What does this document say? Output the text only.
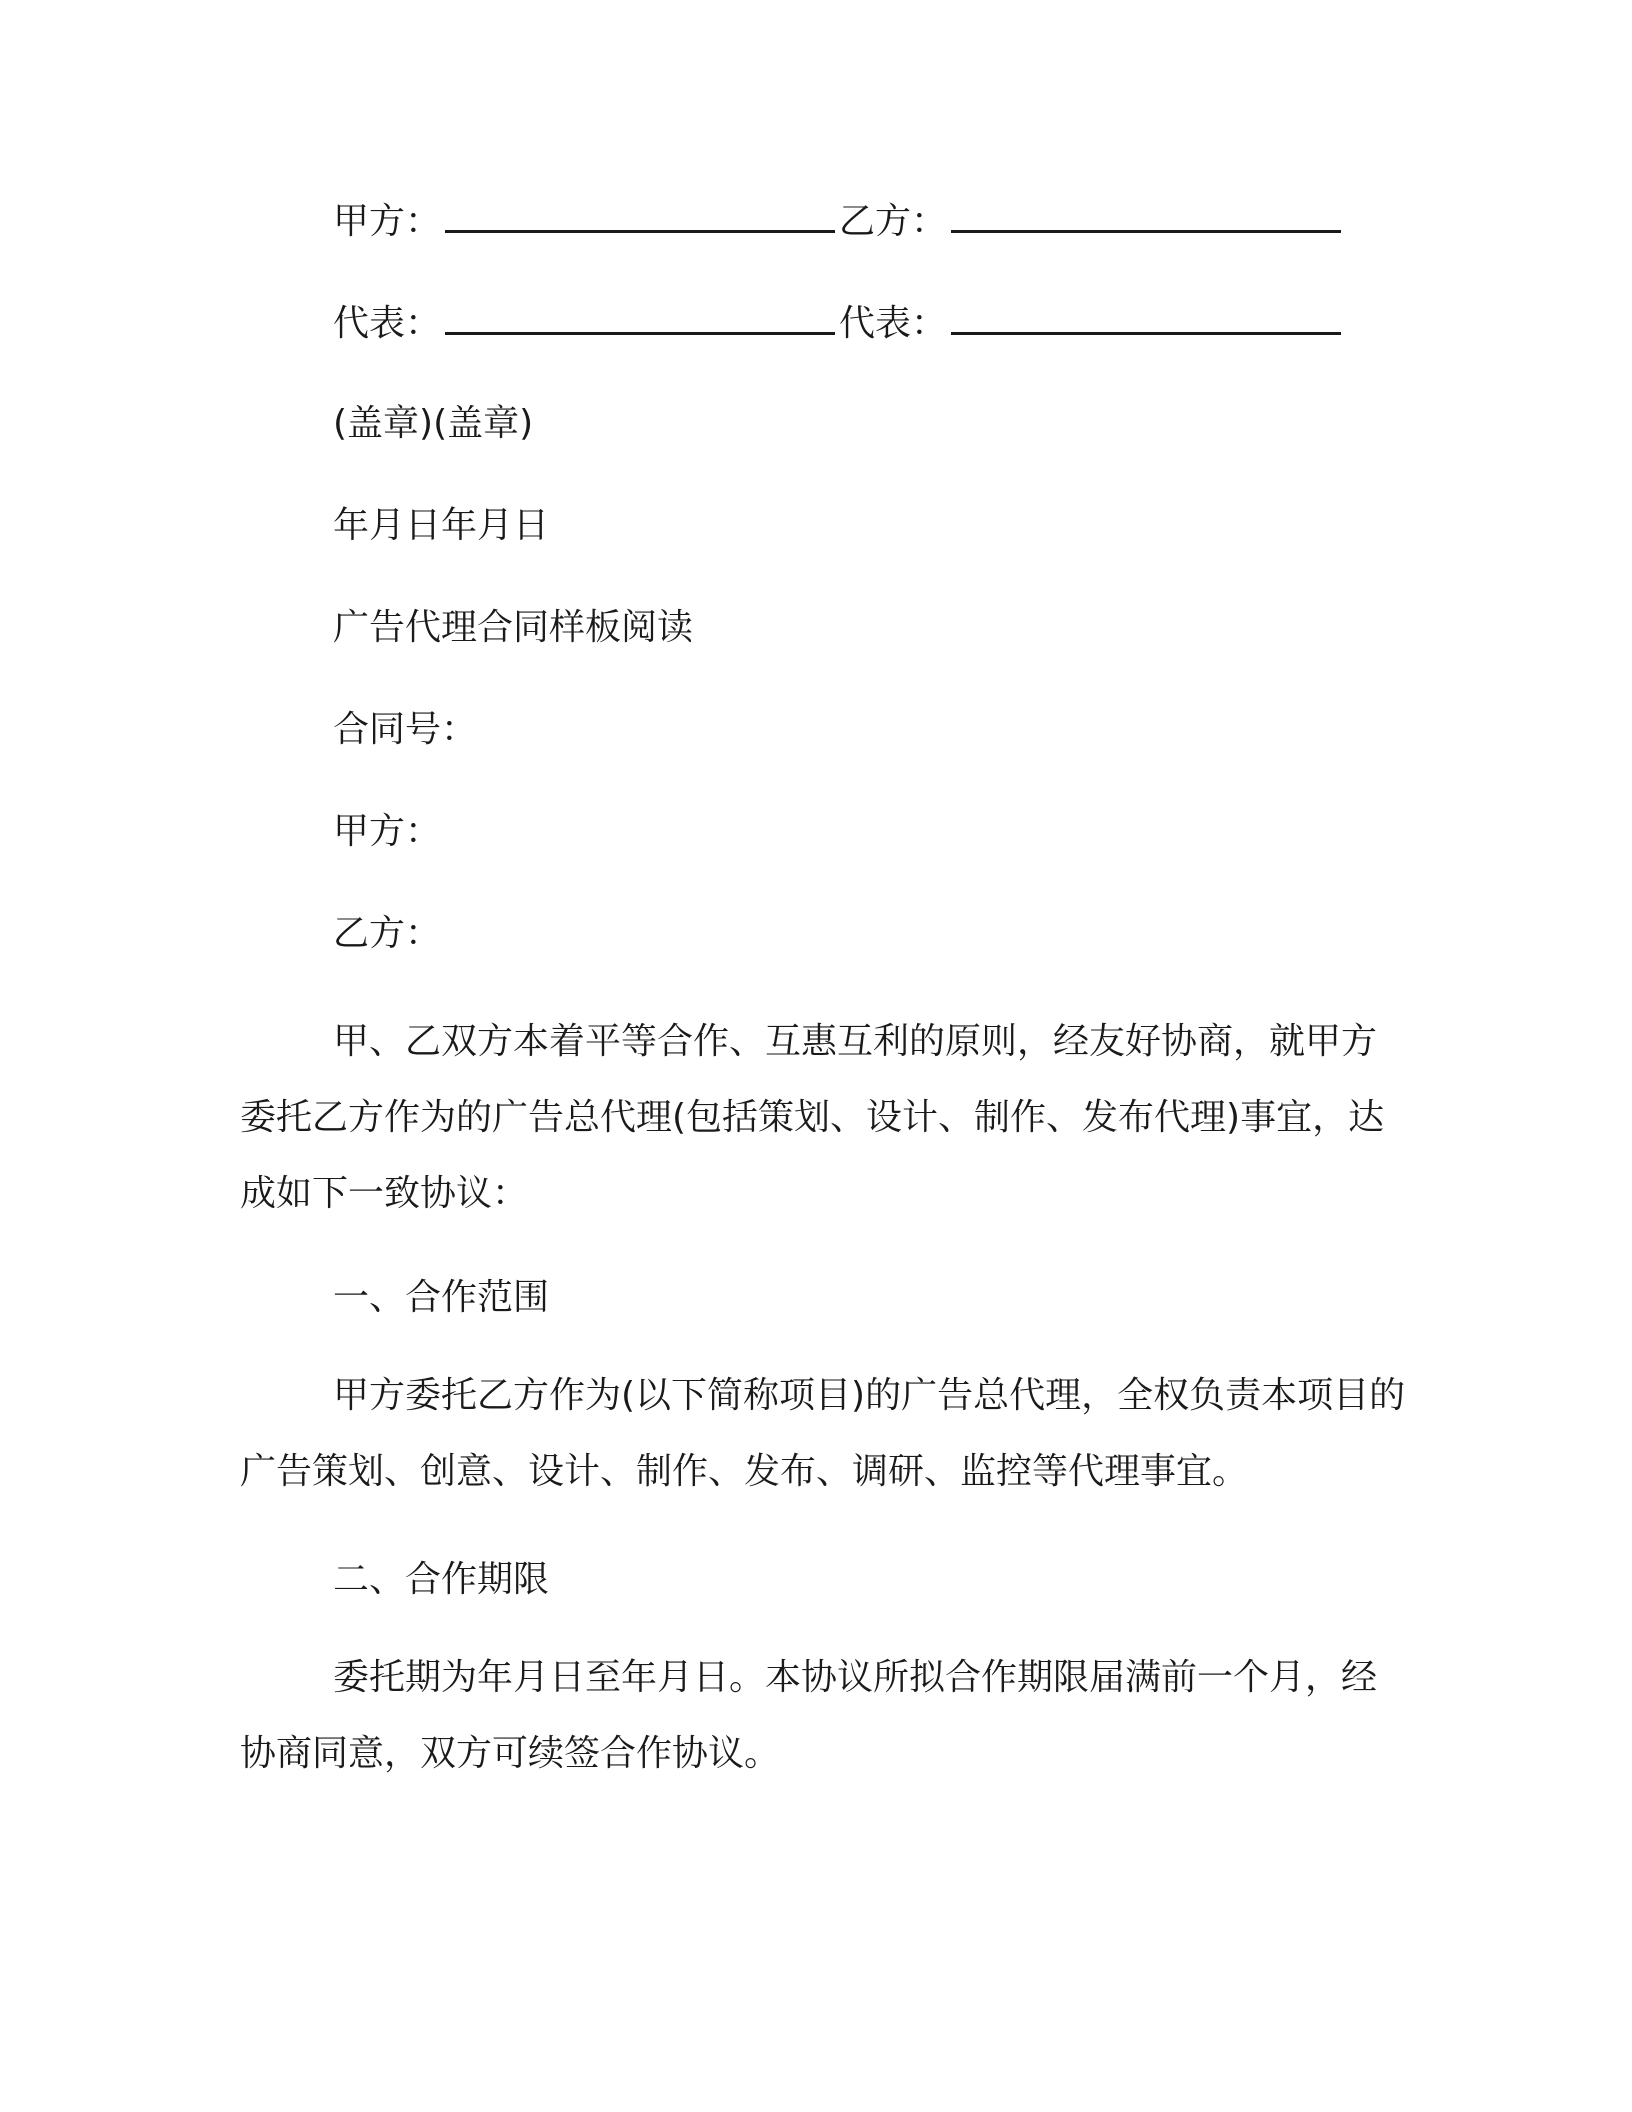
甲方：	乙方：
代表：	代表：
(盖章)(盖章)
年月日年月日
广告代理合同样板阅读
合同号：
甲方：
乙方：
甲、乙双方本着平等合作、互惠互利的原则，经友好协商，就甲方委托乙方作为的广告总代理(包括策划、设计、制作、发布代理)事宜，达成如下一致协议：
一、合作范围
甲方委托乙方作为(以下简称项目)的广告总代理，全权负责本项目的广告策划、创意、设计、制作、发布、调研、监控等代理事宜。
二、合作期限
委托期为年月日至年月日。本协议所拟合作期限届满前一个月，经协商同意，双方可续签合作协议。
